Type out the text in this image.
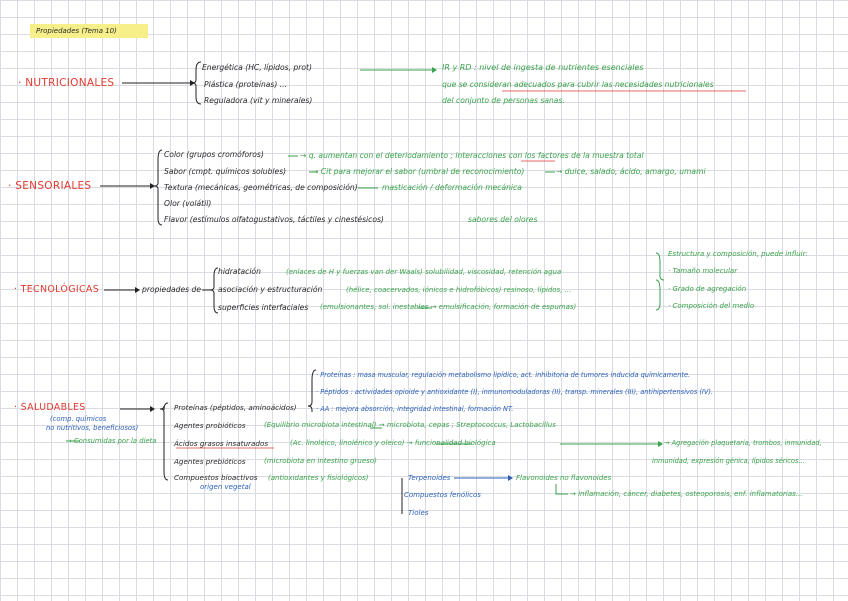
Propiedades (Tema 10)
· NUTRICIONALES
Energética (HC, lípidos, prot)
Plástica (proteínas) ...
Reguladora (vit y minerales)
IR y RD : nivel de ingesta de nutrientes esenciales
que se consideran adecuados para cubrir las necesidades nutricionales
del conjunto de personas sanas.
· SENSORIALES
Color (grupos cromóforos)
Sabor (cmpt. químicos solubles)
Textura (mecánicas, geométricas, de composición)
Olor (volátil)
Flavor (estímulos olfatogustativos, táctiles y cinestésicos)
→ q. aumentan con el deteriodamiento ; interacciones con los factores de la muestra total
→ Cit para mejorar el sabor (umbral de reconocimiento)	→ dulce, salado, ácido, amargo, umami
masticación / deformación mecánica
sabores del olores
· TECNOLÓGICAS	propiedades de
hidratación
asociación y estructuración
superficies interfaciales
(enlaces de H y fuerzas van der Waals) solubilidad, viscosidad, retención agua
(hélice, coacervados, iónicos e hidrofóbicos) resinoso, lípidos, ...
(emulsionantes, sol. inestables → emulsificación, formación de espumas)
Estructura y composición, puede influir:
· Tamaño molecular
· Grado de agregación
· Composición del medio
· SALUDABLES
(comp. químicos
no nutritivos, beneficiosos)
→ Consumidas por la dieta
Proteínas (péptidos, aminoácidos)
Agentes probióticos
Ácidos grasos insaturados
Agentes prebióticos
Compuestos bioactivos
origen vegetal
(Equilibrio microbiota intestinal) → microbiota, cepas ; Streptococcus, Lactobacillus
(Ac. linoleico, linolénico y oleico) → funcionalidad biológica
(microbiota en intestino grueso)
(antioxidantes y fisiológicos)
· Proteínas : masa muscular, regulación metabolismo lipídico, act. inhibitoria de tumores inducida químicamente.
· Péptidos : actividades opioide y antioxidante (I), inmunomoduladoras (II), transp. minerales (III), antihipertensivos (IV).
· AA : mejora absorción, integridad intestinal, formación NT.
→ Agregación plaquetaria, trombos, inmunidad,
inmunidad, expresión génica, lípidos séricos...
Terpenoides
Compuestos fenólicos
Tioles
Flavonoides no flavonoides
→ inflamación, cáncer, diabetes, osteoporosis, enf. inflamatorias...
